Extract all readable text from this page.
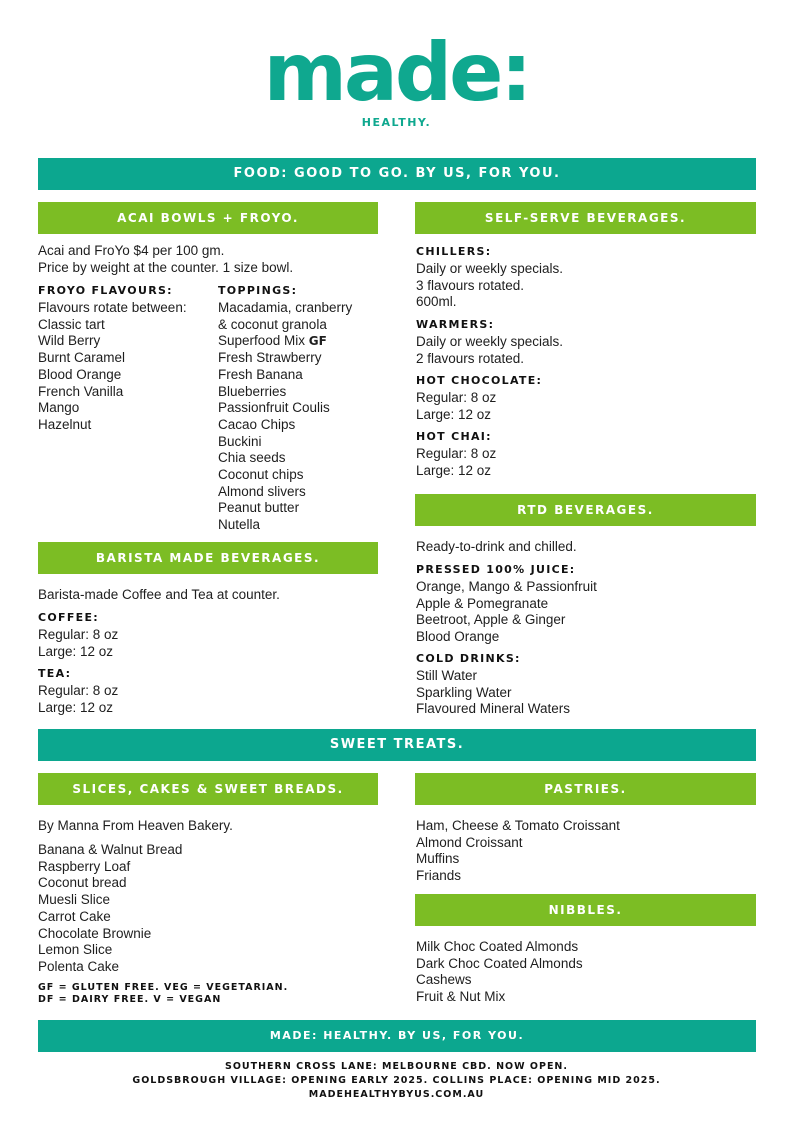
made:
HEALTHY.
FOOD: GOOD TO GO. BY US, FOR YOU.
ACAI BOWLS + FROYO.
Acai and FroYo $4 per 100 gm.
Price by weight at the counter. 1 size bowl.
FROYO FLAVOURS:
Flavours rotate between:
Classic tart
Wild Berry
Burnt Caramel
Blood Orange
French Vanilla
Mango
Hazelnut
TOPPINGS:
Macadamia, cranberry
& coconut granola
Superfood Mix GF
Fresh Strawberry
Fresh Banana
Blueberries
Passionfruit Coulis
Cacao Chips
Buckini
Chia seeds
Coconut chips
Almond slivers
Peanut butter
Nutella
BARISTA MADE BEVERAGES.
Barista-made Coffee and Tea at counter.
COFFEE:
Regular: 8 oz
Large: 12 oz
TEA:
Regular: 8 oz
Large: 12 oz
SELF-SERVE BEVERAGES.
CHILLERS:
Daily or weekly specials.
3 flavours rotated.
600ml.
WARMERS:
Daily or weekly specials.
2 flavours rotated.
HOT CHOCOLATE:
Regular: 8 oz
Large: 12 oz
HOT CHAI:
Regular: 8 oz
Large: 12 oz
RTD BEVERAGES.
Ready-to-drink and chilled.
PRESSED 100% JUICE:
Orange, Mango & Passionfruit
Apple & Pomegranate
Beetroot, Apple & Ginger
Blood Orange
COLD DRINKS:
Still Water
Sparkling Water
Flavoured Mineral Waters
SWEET TREATS.
SLICES, CAKES & SWEET BREADS.
By Manna From Heaven Bakery.
Banana & Walnut Bread
Raspberry Loaf
Coconut bread
Muesli Slice
Carrot Cake
Chocolate Brownie
Lemon Slice
Polenta Cake
GF = GLUTEN FREE. VEG = VEGETARIAN.
DF = DAIRY FREE. V = VEGAN
PASTRIES.
Ham, Cheese & Tomato Croissant
Almond Croissant
Muffins
Friands
NIBBLES.
Milk Choc Coated Almonds
Dark Choc Coated Almonds
Cashews
Fruit & Nut Mix
MADE: HEALTHY. BY US, FOR YOU.
SOUTHERN CROSS LANE: MELBOURNE CBD. NOW OPEN.
GOLDSBROUGH VILLAGE: OPENING EARLY 2025. COLLINS PLACE: OPENING MID 2025.
MADEHEALTHYBYUS.COM.AU
